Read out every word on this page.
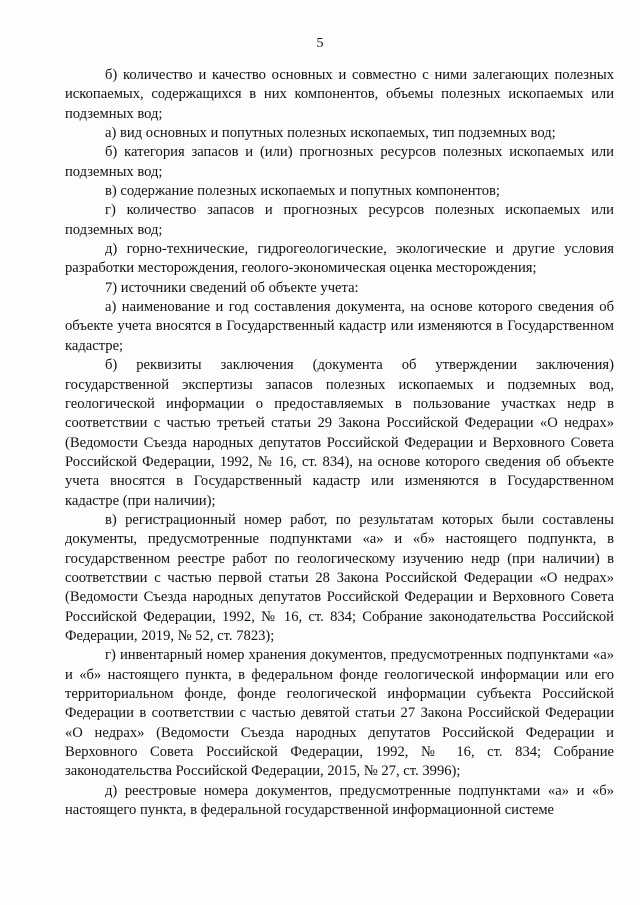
5

б) количество и качество основных и совместно с ними залегающих полезных ископаемых, содержащихся в них компонентов, объемы полезных ископаемых или подземных вод;

а) вид основных и попутных полезных ископаемых, тип подземных вод;

б) категория запасов и (или) прогнозных ресурсов полезных ископаемых или подземных вод;

в) содержание полезных ископаемых и попутных компонентов;

г) количество запасов и прогнозных ресурсов полезных ископаемых или подземных вод;

д) горно-технические, гидрогеологические, экологические и другие условия разработки месторождения, геолого-экономическая оценка месторождения;

7) источники сведений об объекте учета:

а) наименование и год составления документа, на основе которого сведения об объекте учета вносятся в Государственный кадастр или изменяются в Государственном кадастре;

б) реквизиты заключения (документа об утверждении заключения) государственной экспертизы запасов полезных ископаемых и подземных вод, геологической информации о предоставляемых в пользование участках недр в соответствии с частью третьей статьи 29 Закона Российской Федерации «О недрах» (Ведомости Съезда народных депутатов Российской Федерации и Верховного Совета Российской Федерации, 1992, № 16, ст. 834), на основе которого сведения об объекте учета вносятся в Государственный кадастр или изменяются в Государственном кадастре (при наличии);

в) регистрационный номер работ, по результатам которых были составлены документы, предусмотренные подпунктами «а» и «б» настоящего подпункта, в государственном реестре работ по геологическому изучению недр (при наличии) в соответствии с частью первой статьи 28 Закона Российской Федерации «О недрах» (Ведомости Съезда народных депутатов Российской Федерации и Верховного Совета Российской Федерации, 1992, № 16, ст. 834; Собрание законодательства Российской Федерации, 2019, № 52, ст. 7823);

г) инвентарный номер хранения документов, предусмотренных подпунктами «а» и «б» настоящего пункта, в федеральном фонде геологической информации или его территориальном фонде, фонде геологической информации субъекта Российской Федерации в соответствии с частью девятой статьи 27 Закона Российской Федерации «О недрах» (Ведомости Съезда народных депутатов Российской Федерации и Верховного Совета Российской Федерации, 1992, № 16, ст. 834; Собрание законодательства Российской Федерации, 2015, № 27, ст. 3996);

д) реестровые номера документов, предусмотренные подпунктами «а» и «б» настоящего пункта, в федеральной государственной информационной системе
